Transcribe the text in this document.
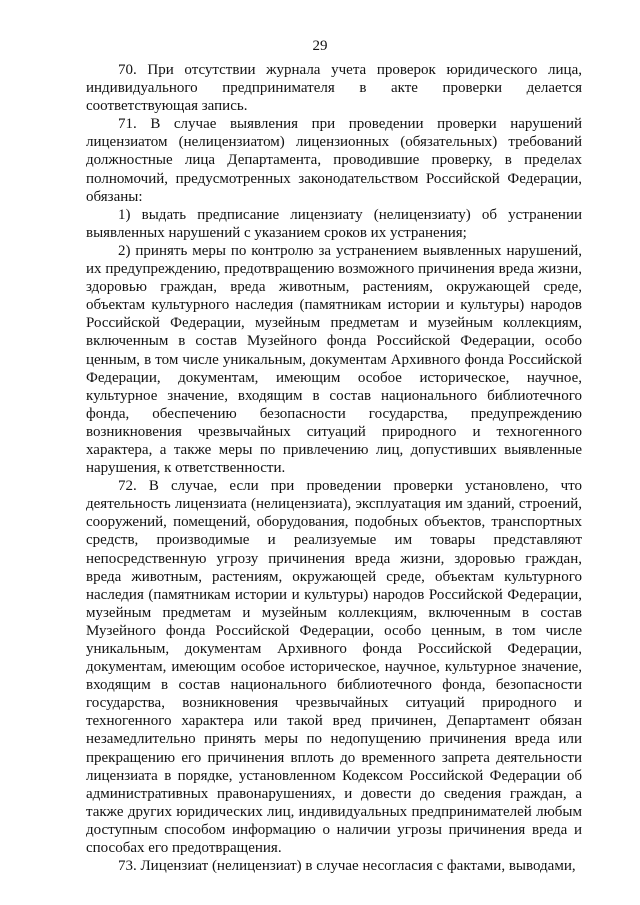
29

70. При отсутствии журнала учета проверок юридического лица, индивидуального предпринимателя в акте проверки делается соответствующая запись.

71. В случае выявления при проведении проверки нарушений лицензиатом (нелицензиатом) лицензионных (обязательных) требований должностные лица Департамента, проводившие проверку, в пределах полномочий, предусмотренных законодательством Российской Федерации, обязаны:

1) выдать предписание лицензиату (нелицензиату) об устранении выявленных нарушений с указанием сроков их устранения;

2) принять меры по контролю за устранением выявленных нарушений, их предупреждению, предотвращению возможного причинения вреда жизни, здоровью граждан, вреда животным, растениям, окружающей среде, объектам культурного наследия (памятникам истории и культуры) народов Российской Федерации, музейным предметам и музейным коллекциям, включенным в состав Музейного фонда Российской Федерации, особо ценным, в том числе уникальным, документам Архивного фонда Российской Федерации, документам, имеющим особое историческое, научное, культурное значение, входящим в состав национального библиотечного фонда, обеспечению безопасности государства, предупреждению возникновения чрезвычайных ситуаций природного и техногенного характера, а также меры по привлечению лиц, допустивших выявленные нарушения, к ответственности.

72. В случае, если при проведении проверки установлено, что деятельность лицензиата (нелицензиата), эксплуатация им зданий, строений, сооружений, помещений, оборудования, подобных объектов, транспортных средств, производимые и реализуемые им товары представляют непосредственную угрозу причинения вреда жизни, здоровью граждан, вреда животным, растениям, окружающей среде, объектам культурного наследия (памятникам истории и культуры) народов Российской Федерации, музейным предметам и музейным коллекциям, включенным в состав Музейного фонда Российской Федерации, особо ценным, в том числе уникальным, документам Архивного фонда Российской Федерации, документам, имеющим особое историческое, научное, культурное значение, входящим в состав национального библиотечного фонда, безопасности государства, возникновения чрезвычайных ситуаций природного и техногенного характера или такой вред причинен, Департамент обязан незамедлительно принять меры по недопущению причинения вреда или прекращению его причинения вплоть до временного запрета деятельности лицензиата в порядке, установленном Кодексом Российской Федерации об административных правонарушениях, и довести до сведения граждан, а также других юридических лиц, индивидуальных предпринимателей любым доступным способом информацию о наличии угрозы причинения вреда и способах его предотвращения.

73. Лицензиат (нелицензиат) в случае несогласия с фактами, выводами,
